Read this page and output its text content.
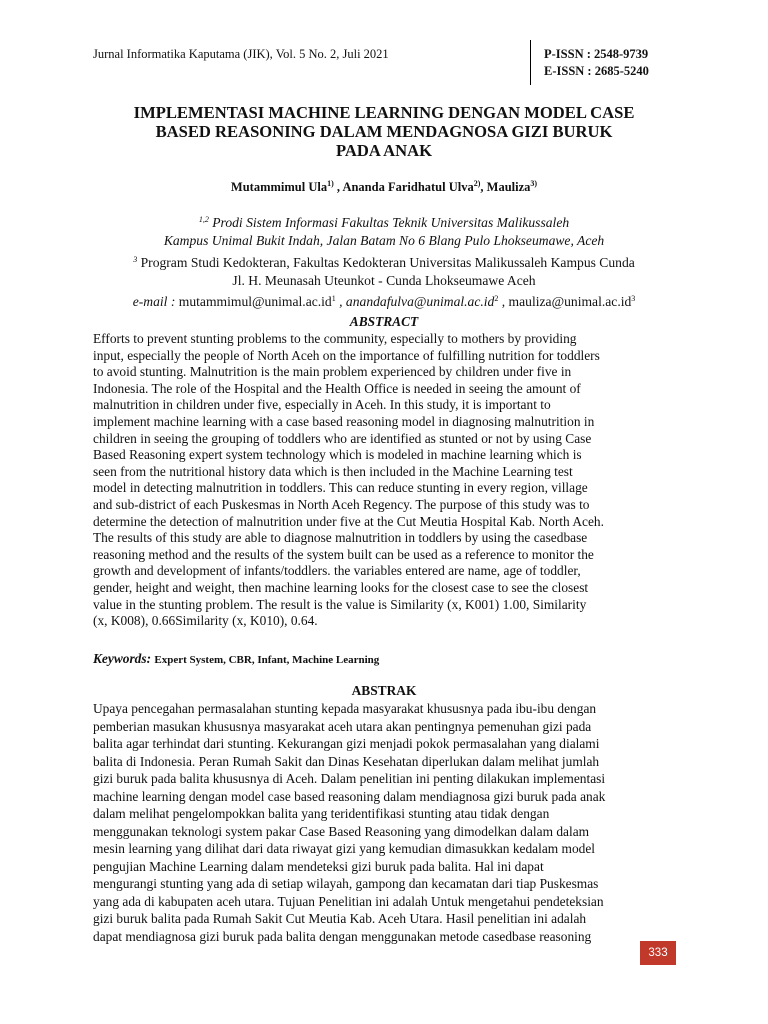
Jurnal Informatika Kaputama (JIK), Vol. 5 No. 2, Juli 2021	P-ISSN : 2548-9739
E-ISSN : 2685-5240
IMPLEMENTASI MACHINE LEARNING DENGAN MODEL CASE
BASED REASONING DALAM MENDAGNOSA GIZI BURUK
PADA ANAK
Mutammimul Ula$^{1)}$ , Ananda Faridhatul Ulva$^{2)}$, Mauliza$^{3)}$
$^{1,2}$ Prodi Sistem Informasi Fakultas Teknik Universitas Malikussaleh
Kampus Unimal Bukit Indah, Jalan Batam No 6 Blang Pulo Lhokseumawe, Aceh
$^3$ Program Studi Kedokteran, Fakultas Kedokteran Universitas Malikussaleh Kampus Cunda
Jl. H. Meunasah Uteunkot - Cunda Lhokseumawe Aceh
e-mail : $mutammimul@unimal.ac.id^1$ , $anandafulva@unimal.ac.id^2$ , $mauliza@unimal.ac.id^3$
ABSTRACT
Efforts to prevent stunting problems to the community, especially to mothers by providing
input, especially the people of North Aceh on the importance of fulfilling nutrition for toddlers
to avoid stunting. Malnutrition is the main problem experienced by children under five in
Indonesia. The role of the Hospital and the Health Office is needed in seeing the amount of
malnutrition in children under five, especially in Aceh. In this study, it is important to
implement machine learning with a case based reasoning model in diagnosing malnutrition in
children in seeing the grouping of toddlers who are identified as stunted or not by using Case
Based Reasoning expert system technology which is modeled in machine learning which is
seen from the nutritional history data which is then included in the Machine Learning test
model in detecting malnutrition in toddlers. This can reduce stunting in every region, village
and sub-district of each Puskesmas in North Aceh Regency. The purpose of this study was to
determine the detection of malnutrition under five at the Cut Meutia Hospital Kab. North Aceh.
The results of this study are able to diagnose malnutrition in toddlers by using the casedbase
reasoning method and the results of the system built can be used as a reference to monitor the
growth and development of infants/toddlers. the variables entered are name, age of toddler,
gender, height and weight, then machine learning looks for the closest case to see the closest
value in the stunting problem. The result is the value is Similarity (x, K001) 1.00, Similarity
(x, K008), 0.66Similarity (x, K010), 0.64.
Keywords: Expert System, CBR, Infant, Machine Learning
ABSTRAK
Upaya pencegahan permasalahan stunting kepada masyarakat khususnya pada ibu-ibu dengan
pemberian masukan khususnya masyarakat aceh utara akan pentingnya pemenuhan gizi pada
balita agar terhindat dari stunting. Kekurangan gizi menjadi pokok permasalahan yang dialami
balita di Indonesia. Peran Rumah Sakit dan Dinas Kesehatan diperlukan dalam melihat jumlah
gizi buruk pada balita khususnya di Aceh. Dalam penelitian ini penting dilakukan implementasi
machine learning dengan model case based reasoning dalam mendiagnosa gizi buruk pada anak
dalam melihat pengelompokkan balita yang teridentifikasi stunting atau tidak dengan
menggunakan teknologi system pakar Case Based Reasoning yang dimodelkan dalam dalam
mesin learning yang dilihat dari data riwayat gizi yang kemudian dimasukkan kedalam model
pengujian Machine Learning dalam mendeteksi gizi buruk pada balita. Hal ini dapat
mengurangi stunting yang ada di setiap wilayah, gampong dan kecamatan dari tiap Puskesmas
yang ada di kabupaten aceh utara. Tujuan Penelitian ini adalah Untuk mengetahui pendeteksian
gizi buruk balita pada Rumah Sakit Cut Meutia Kab. Aceh Utara. Hasil penelitian ini adalah
dapat mendiagnosa gizi buruk pada balita dengan menggunakan metode casedbase reasoning
333
